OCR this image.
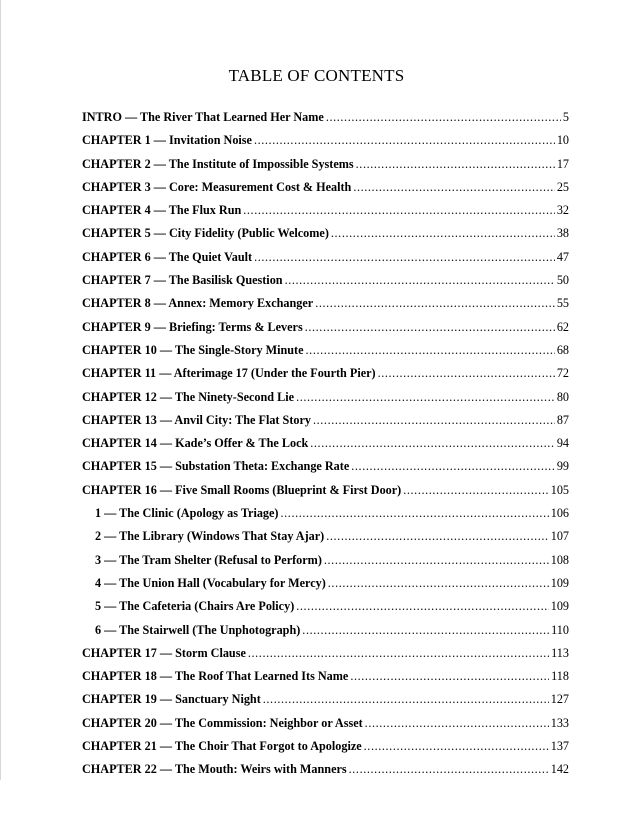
TABLE OF CONTENTS
INTRO — The River That Learned Her Name .....	5
CHAPTER 1 — Invitation Noise .....	10
CHAPTER 2 — The Institute of Impossible Systems .....	17
CHAPTER 3 — Core: Measurement Cost & Health .....	25
CHAPTER 4 — The Flux Run .....	32
CHAPTER 5 — City Fidelity (Public Welcome) .....	38
CHAPTER 6 — The Quiet Vault .....	47
CHAPTER 7 — The Basilisk Question .....	50
CHAPTER 8 — Annex: Memory Exchanger .....	55
CHAPTER 9 — Briefing: Terms & Levers .....	62
CHAPTER 10 — The Single-Story Minute .....	68
CHAPTER 11 — Afterimage 17 (Under the Fourth Pier) .....	72
CHAPTER 12 — The Ninety-Second Lie .....	80
CHAPTER 13 — Anvil City: The Flat Story .....	87
CHAPTER 14 — Kade’s Offer & The Lock .....	94
CHAPTER 15 — Substation Theta: Exchange Rate .....	99
CHAPTER 16 — Five Small Rooms (Blueprint & First Door) .....	105
1 — The Clinic (Apology as Triage) .....	106
2 — The Library (Windows That Stay Ajar) .....	107
3 — The Tram Shelter (Refusal to Perform) .....	108
4 — The Union Hall (Vocabulary for Mercy) .....	109
5 — The Cafeteria (Chairs Are Policy) .....	109
6 — The Stairwell (The Unphotograph) .....	110
CHAPTER 17 — Storm Clause .....	113
CHAPTER 18 — The Roof That Learned Its Name .....	118
CHAPTER 19 — Sanctuary Night .....	127
CHAPTER 20 — The Commission: Neighbor or Asset .....	133
CHAPTER 21 — The Choir That Forgot to Apologize .....	137
CHAPTER 22 — The Mouth: Weirs with Manners .....	142
